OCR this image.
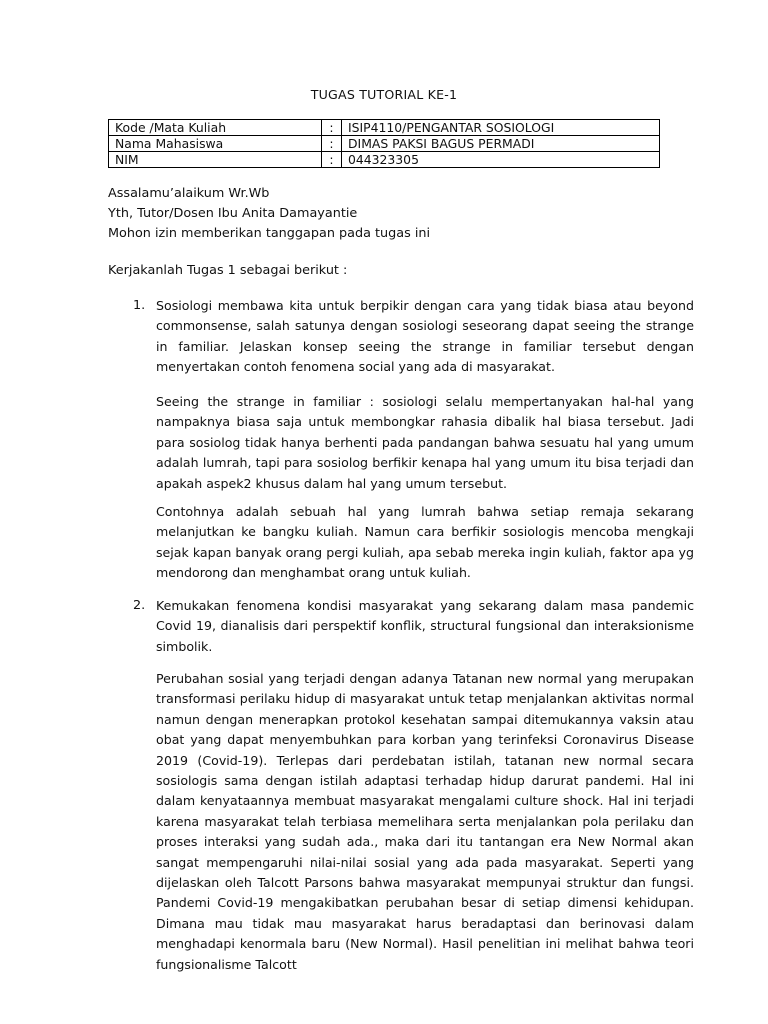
TUGAS TUTORIAL KE-1
Kode /Mata Kuliah	:	ISIP4110/PENGANTAR SOSIOLOGI
Nama Mahasiswa	:	DIMAS PAKSI BAGUS PERMADI
NIM	:	044323305
Assalamu’alaikum Wr.Wb
Yth, Tutor/Dosen Ibu Anita Damayantie
Mohon izin memberikan tanggapan pada tugas ini
Kerjakanlah Tugas 1 sebagai berikut :
1. Sosiologi membawa kita untuk berpikir dengan cara yang tidak biasa atau beyond commonsense, salah satunya dengan sosiologi seseorang dapat seeing the strange in familiar. Jelaskan konsep seeing the strange in familiar tersebut dengan menyertakan contoh fenomena social yang ada di masyarakat.
Seeing the strange in familiar : sosiologi selalu mempertanyakan hal-hal yang nampaknya biasa saja untuk membongkar rahasia dibalik hal biasa tersebut. Jadi para sosiolog tidak hanya berhenti pada pandangan bahwa sesuatu hal yang umum adalah lumrah, tapi para sosiolog berfikir kenapa hal yang umum itu bisa terjadi dan apakah aspek2 khusus dalam hal yang umum tersebut.
Contohnya adalah sebuah hal yang lumrah bahwa setiap remaja sekarang melanjutkan ke bangku kuliah. Namun cara berfikir sosiologis mencoba mengkaji sejak kapan banyak orang pergi kuliah, apa sebab mereka ingin kuliah, faktor apa yg mendorong dan menghambat orang untuk kuliah.
2. Kemukakan fenomena kondisi masyarakat yang sekarang dalam masa pandemic Covid 19, dianalisis dari perspektif konflik, structural fungsional dan interaksionisme simbolik.
Perubahan sosial yang terjadi dengan adanya Tatanan new normal yang merupakan transformasi perilaku hidup di masyarakat untuk tetap menjalankan aktivitas normal namun dengan menerapkan protokol kesehatan sampai ditemukannya vaksin atau obat yang dapat menyembuhkan para korban yang terinfeksi Coronavirus Disease 2019 (Covid-19). Terlepas dari perdebatan istilah, tatanan new normal secara sosiologis sama dengan istilah adaptasi terhadap hidup darurat pandemi. Hal ini dalam kenyataannya membuat masyarakat mengalami culture shock. Hal ini terjadi karena masyarakat telah terbiasa memelihara serta menjalankan pola perilaku dan proses interaksi yang sudah ada., maka dari itu tantangan era New Normal akan sangat mempengaruhi nilai-nilai sosial yang ada pada masyarakat. Seperti yang dijelaskan oleh Talcott Parsons bahwa masyarakat mempunyai struktur dan fungsi. Pandemi Covid-19 mengakibatkan perubahan besar di setiap dimensi kehidupan. Dimana mau tidak mau masyarakat harus beradaptasi dan berinovasi dalam menghadapi kenormala baru (New Normal). Hasil penelitian ini melihat bahwa teori fungsionalisme Talcott
